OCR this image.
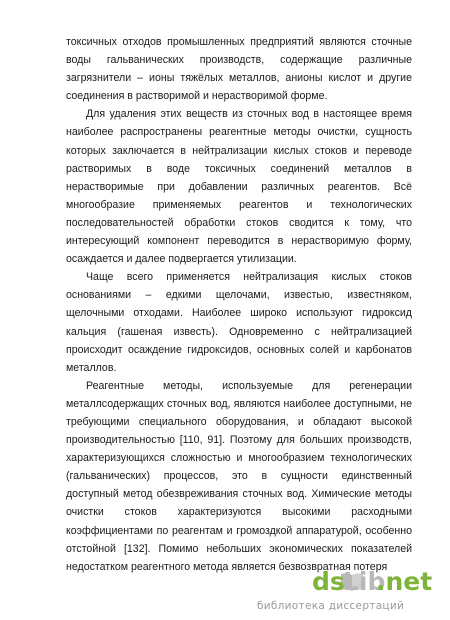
токсичных отходов промышленных предприятий являются сточные воды гальванических производств, содержащие различные загрязнители – ионы тяжёлых металлов, анионы кислот и другие соединения в растворимой и нерастворимой форме.

Для удаления этих веществ из сточных вод в настоящее время наиболее распространены реагентные методы очистки, сущность которых заключается в нейтрализации кислых стоков и переводе растворимых в воде токсичных соединений металлов в нерастворимые при добавлении различных реагентов. Всё многообразие применяемых реагентов и технологических последовательностей обработки стоков сводится к тому, что интересующий компонент переводится в нерастворимую форму, осаждается и далее подвергается утилизации.

Чаще всего применяется нейтрализация кислых стоков основаниями – едкими щелочами, известью, известняком, щелочными отходами. Наиболее широко используют гидроксид кальция (гашеная известь). Одновременно с нейтрализацией происходит осаждение гидроксидов, основных солей и карбонатов металлов.

Реагентные методы, используемые для регенерации металлсодержащих сточных вод, являются наиболее доступными, не требующими специального оборудования, и обладают высокой производительностью [110, 91]. Поэтому для больших производств, характеризующихся сложностью и многообразием технологических (гальванических) процессов, это в сущности единственный доступный метод обезвреживания сточных вод. Химические методы очистки стоков характеризуются высокими расходными коэффициентами по реагентам и громоздкой аппаратурой, особенно отстойной [132]. Помимо небольших экономических показателей недостатком реагентного метода является безвозвратная потеря

ds
Lib
.net
библиотека диссертаций
